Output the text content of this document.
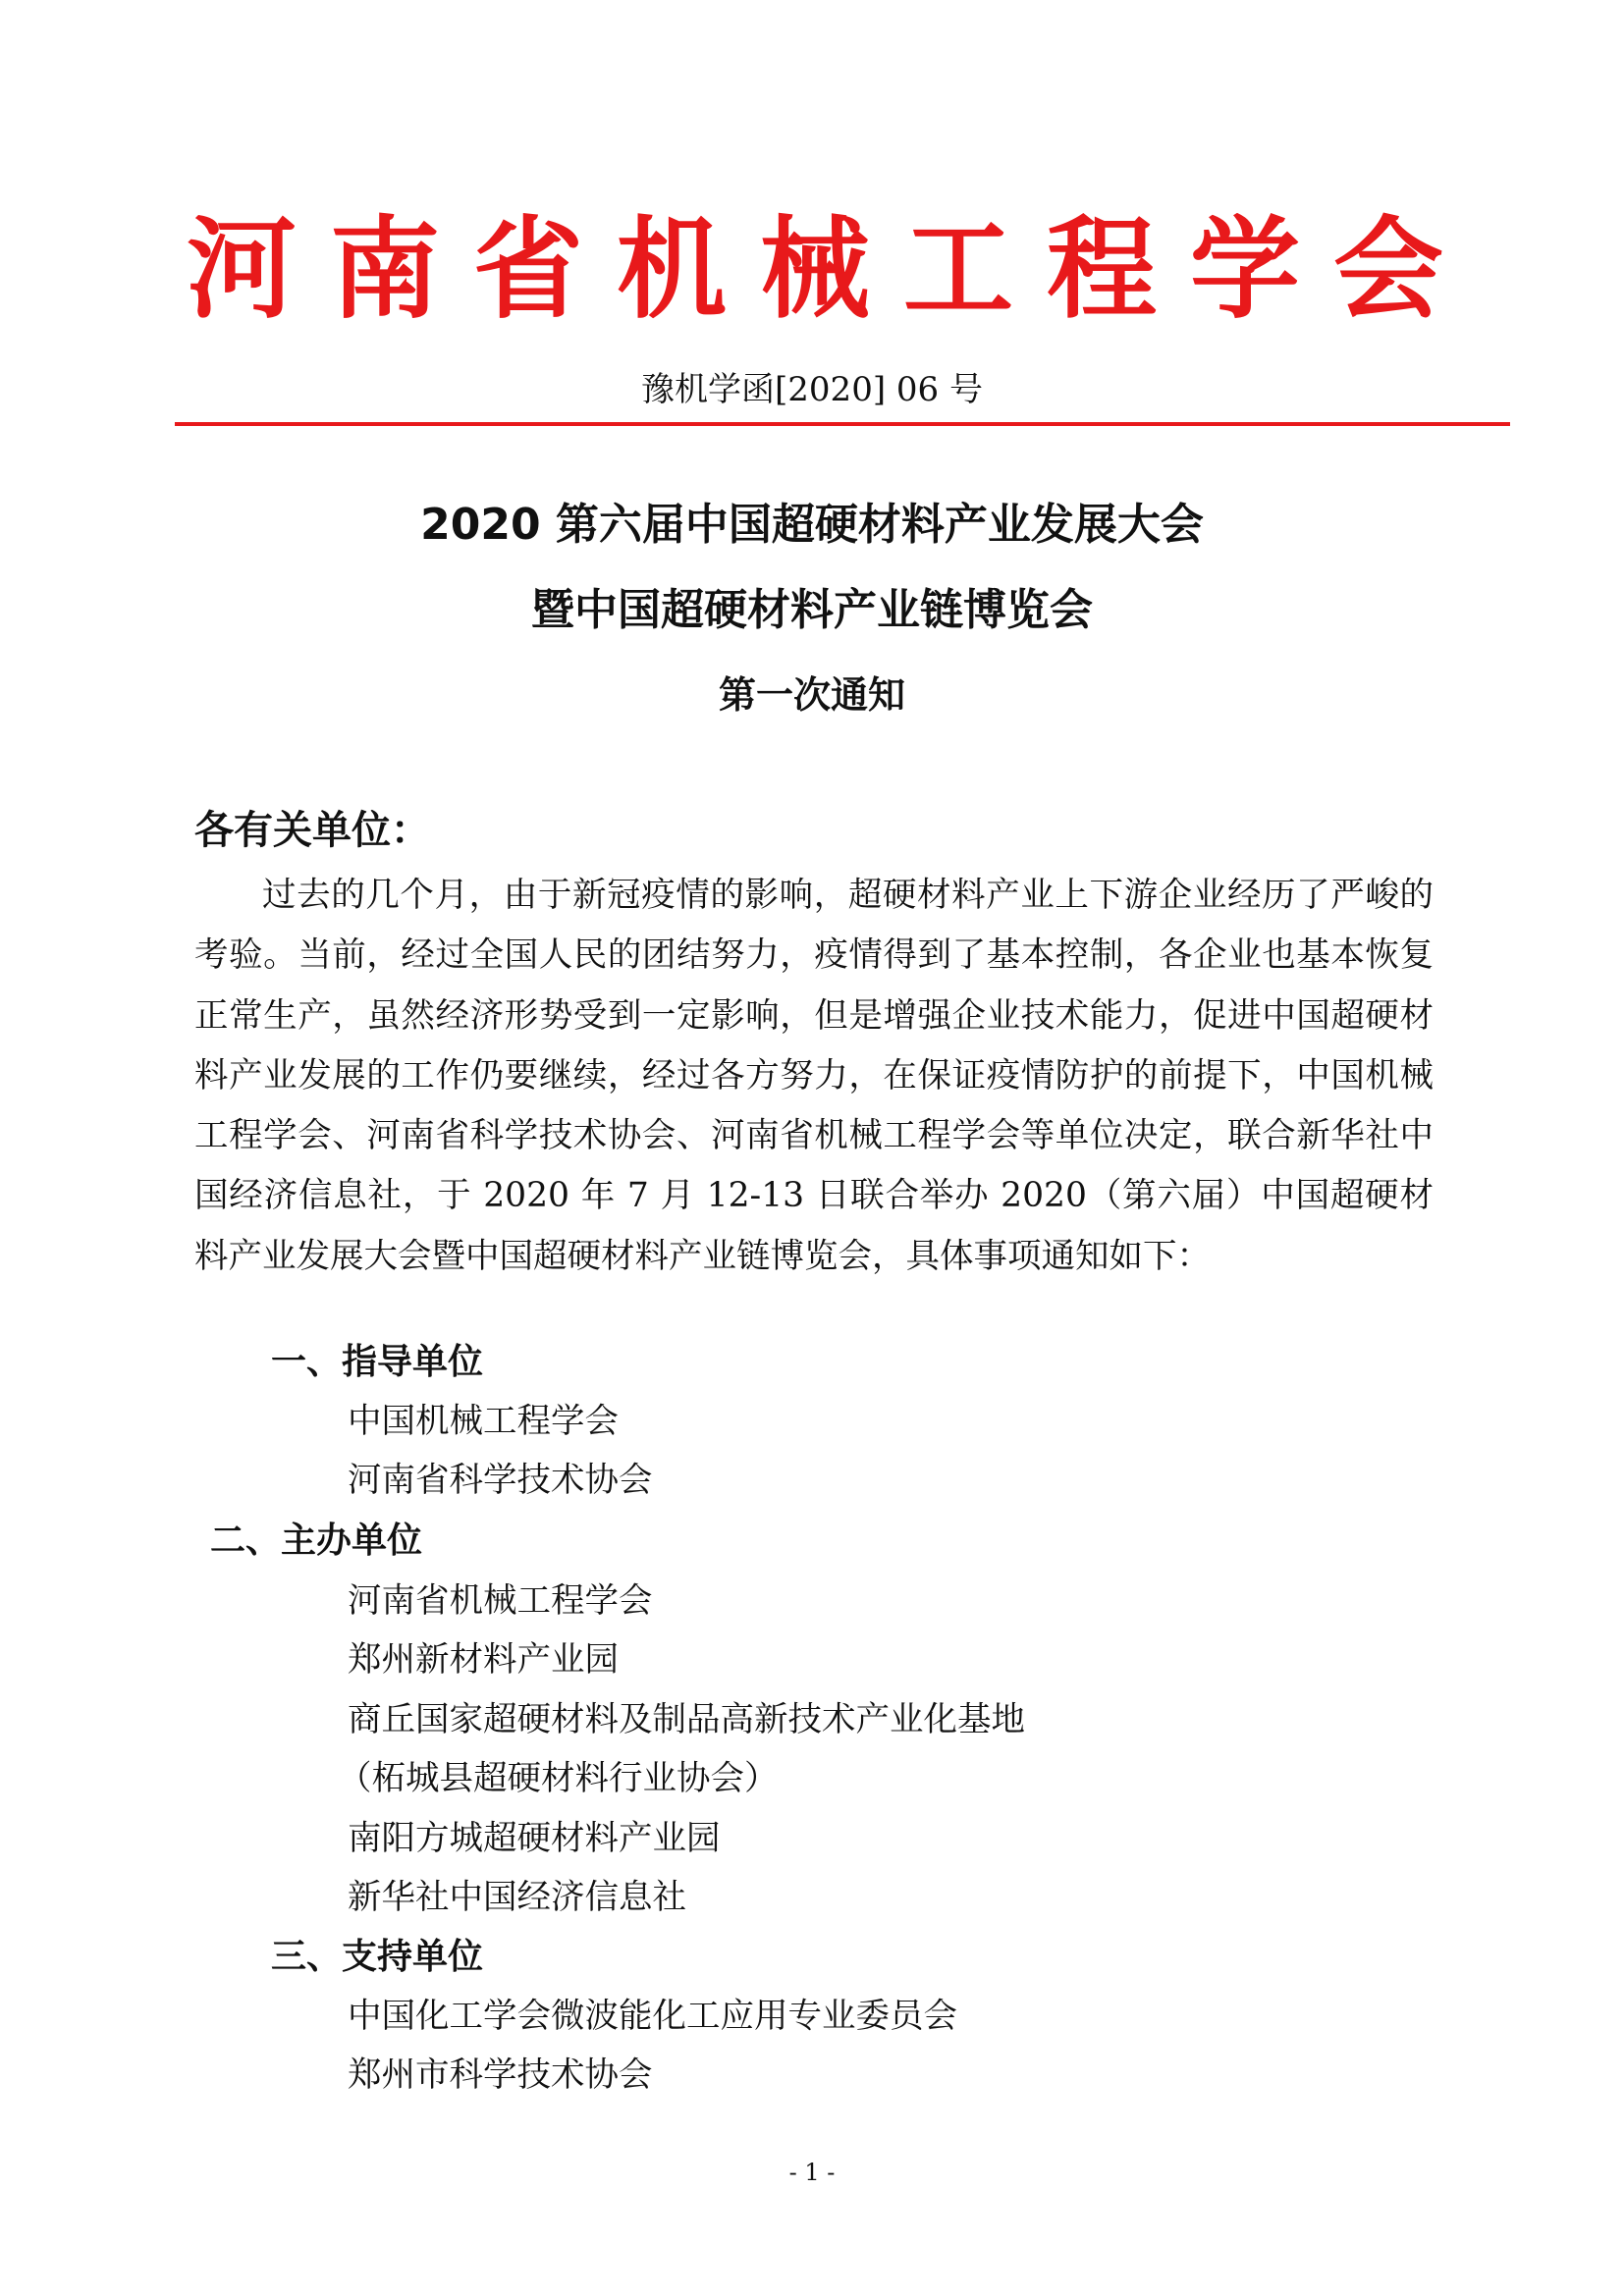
河 南 省 机 械 工 程 学 会
豫机学函[2020] 06 号
2020 第六届中国超硬材料产业发展大会
暨中国超硬材料产业链博览会
第一次通知
各有关单位：

过去的几个月，由于新冠疫情的影响，超硬材料产业上下游企业经历了严峻的考验。当前，经过全国人民的团结努力，疫情得到了基本控制，各企业也基本恢复正常生产，虽然经济形势受到一定影响，但是增强企业技术能力，促进中国超硬材料产业发展的工作仍要继续，经过各方努力，在保证疫情防护的前提下，中国机械工程学会、河南省科学技术协会、河南省机械工程学会等单位决定，联合新华社中国经济信息社，于 2020 年 7 月 12-13 日联合举办 2020（第六届）中国超硬材料产业发展大会暨中国超硬材料产业链博览会，具体事项通知如下：

一、指导单位
中国机械工程学会
河南省科学技术协会
二、主办单位
河南省机械工程学会
郑州新材料产业园
商丘国家超硬材料及制品高新技术产业化基地
（柘城县超硬材料行业协会）
南阳方城超硬材料产业园
新华社中国经济信息社
三、支持单位
中国化工学会微波能化工应用专业委员会
郑州市科学技术协会
- 1 -
